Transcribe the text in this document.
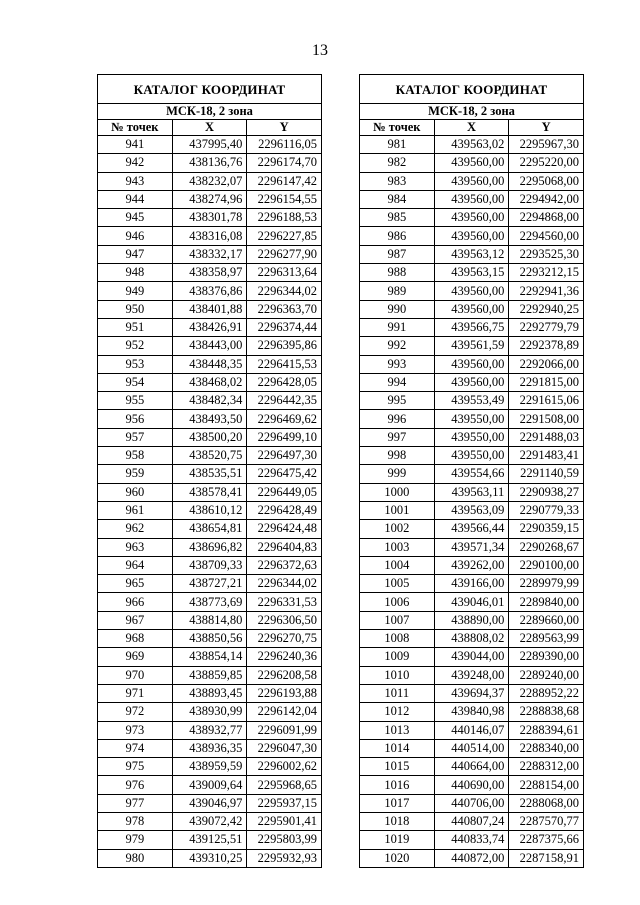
13
КАТАЛОГ КООРДИНАТ		
МСК-18, 2 зона		
№ точек	X	Y
941	437995,40	2296116,05
942	438136,76	2296174,70
943	438232,07	2296147,42
944	438274,96	2296154,55
945	438301,78	2296188,53
946	438316,08	2296227,85
947	438332,17	2296277,90
948	438358,97	2296313,64
949	438376,86	2296344,02
950	438401,88	2296363,70
951	438426,91	2296374,44
952	438443,00	2296395,86
953	438448,35	2296415,53
954	438468,02	2296428,05
955	438482,34	2296442,35
956	438493,50	2296469,62
957	438500,20	2296499,10
958	438520,75	2296497,30
959	438535,51	2296475,42
960	438578,41	2296449,05
961	438610,12	2296428,49
962	438654,81	2296424,48
963	438696,82	2296404,83
964	438709,33	2296372,63
965	438727,21	2296344,02
966	438773,69	2296331,53
967	438814,80	2296306,50
968	438850,56	2296270,75
969	438854,14	2296240,36
970	438859,85	2296208,58
971	438893,45	2296193,88
972	438930,99	2296142,04
973	438932,77	2296091,99
974	438936,35	2296047,30
975	438959,59	2296002,62
976	439009,64	2295968,65
977	439046,97	2295937,15
978	439072,42	2295901,41
979	439125,51	2295803,99
980	439310,25	2295932,93
КАТАЛОГ КООРДИНАТ		
МСК-18, 2 зона		
№ точек	X	Y
981	439563,02	2295967,30
982	439560,00	2295220,00
983	439560,00	2295068,00
984	439560,00	2294942,00
985	439560,00	2294868,00
986	439560,00	2294560,00
987	439563,12	2293525,30
988	439563,15	2293212,15
989	439560,00	2292941,36
990	439560,00	2292940,25
991	439566,75	2292779,79
992	439561,59	2292378,89
993	439560,00	2292066,00
994	439560,00	2291815,00
995	439553,49	2291615,06
996	439550,00	2291508,00
997	439550,00	2291488,03
998	439550,00	2291483,41
999	439554,66	2291140,59
1000	439563,11	2290938,27
1001	439563,09	2290779,33
1002	439566,44	2290359,15
1003	439571,34	2290268,67
1004	439262,00	2290100,00
1005	439166,00	2289979,99
1006	439046,01	2289840,00
1007	438890,00	2289660,00
1008	438808,02	2289563,99
1009	439044,00	2289390,00
1010	439248,00	2289240,00
1011	439694,37	2288952,22
1012	439840,98	2288838,68
1013	440146,07	2288394,61
1014	440514,00	2288340,00
1015	440664,00	2288312,00
1016	440690,00	2288154,00
1017	440706,00	2288068,00
1018	440807,24	2287570,77
1019	440833,74	2287375,66
1020	440872,00	2287158,91
